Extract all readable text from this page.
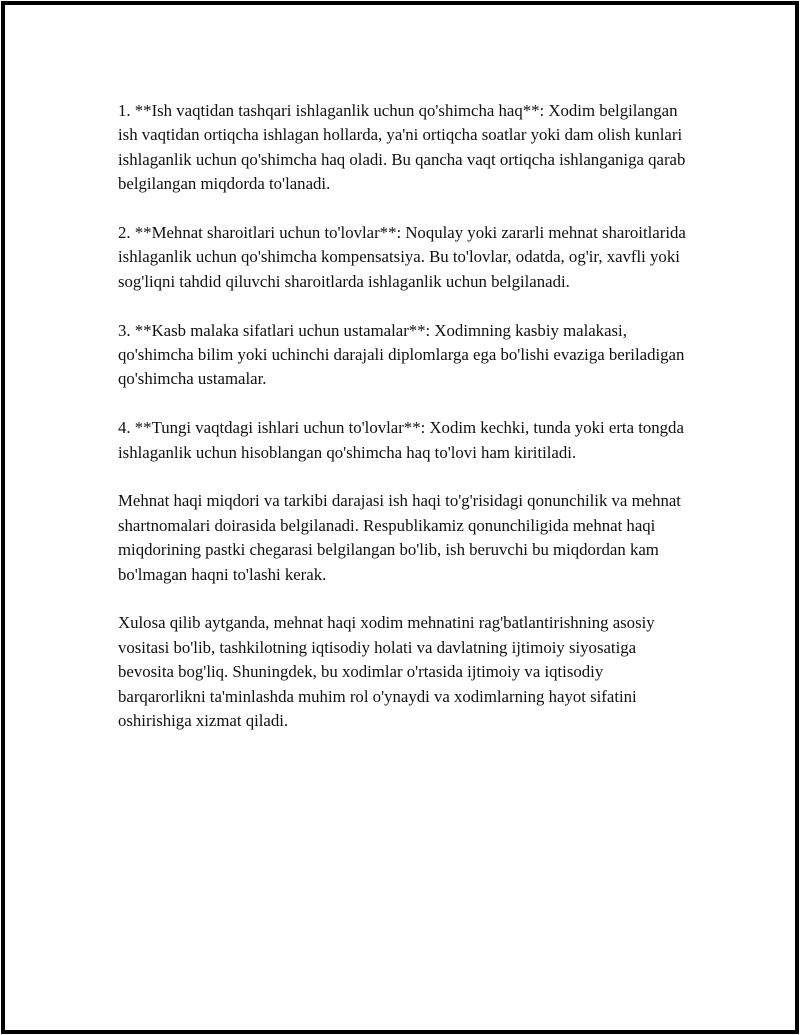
1. **Ish vaqtidan tashqari ishlaganlik uchun qo'shimcha haq**: Xodim belgilangan ish vaqtidan ortiqcha ishlagan hollarda, ya'ni ortiqcha soatlar yoki dam olish kunlari ishlaganlik uchun qo'shimcha haq oladi. Bu qancha vaqt ortiqcha ishlanganiga qarab belgilangan miqdorda to'lanadi.

2. **Mehnat sharoitlari uchun to'lovlar**: Noqulay yoki zararli mehnat sharoitlarida ishlaganlik uchun qo'shimcha kompensatsiya. Bu to'lovlar, odatda, og'ir, xavfli yoki sog'liqni tahdid qiluvchi sharoitlarda ishlaganlik uchun belgilanadi.

3. **Kasb malaka sifatlari uchun ustamalar**: Xodimning kasbiy malakasi, qo'shimcha bilim yoki uchinchi darajali diplomlarga ega bo'lishi evaziga beriladigan qo'shimcha ustamalar.

4. **Tungi vaqtdagi ishlari uchun to'lovlar**: Xodim kechki, tunda yoki erta tongda ishlaganlik uchun hisoblangan qo'shimcha haq to'lovi ham kiritiladi.

Mehnat haqi miqdori va tarkibi darajasi ish haqi to'g'risidagi qonunchilik va mehnat shartnomalari doirasida belgilanadi. Respublikamiz qonunchiligida mehnat haqi miqdorining pastki chegarasi belgilangan bo'lib, ish beruvchi bu miqdordan kam bo'lmagan haqni to'lashi kerak.

Xulosa qilib aytganda, mehnat haqi xodim mehnatini rag'batlantirishning asosiy vositasi bo'lib, tashkilotning iqtisodiy holati va davlatning ijtimoiy siyosatiga bevosita bog'liq. Shuningdek, bu xodimlar o'rtasida ijtimoiy va iqtisodiy barqarorlikni ta'minlashda muhim rol o'ynaydi va xodimlarning hayot sifatini oshirishiga xizmat qiladi.
